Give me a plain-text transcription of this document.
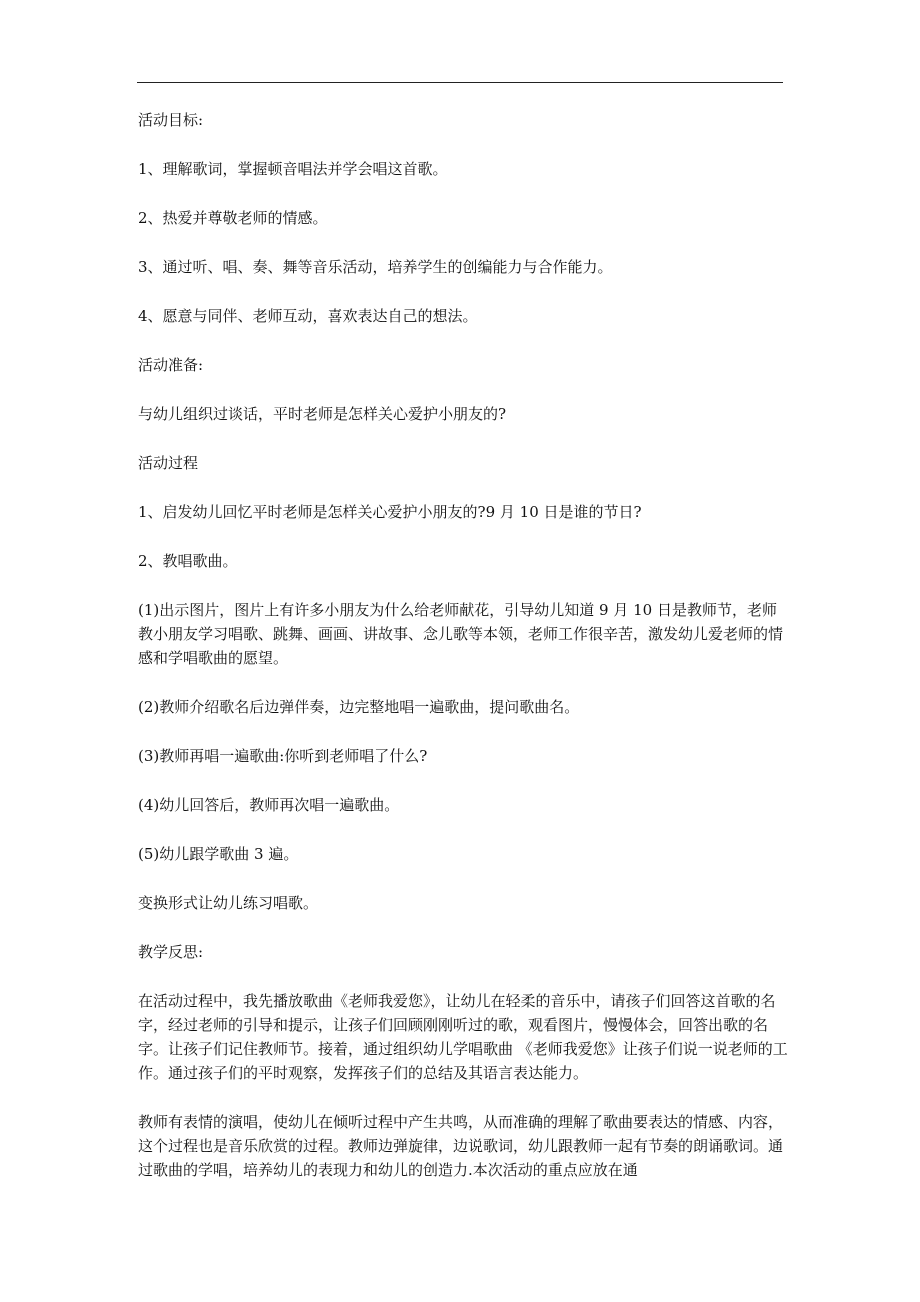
活动目标:

1、理解歌词，掌握顿音唱法并学会唱这首歌。

2、热爱并尊敬老师的情感。

3、通过听、唱、奏、舞等音乐活动，培养学生的创编能力与合作能力。

4、愿意与同伴、老师互动，喜欢表达自己的想法。

活动准备:

与幼儿组织过谈话，平时老师是怎样关心爱护小朋友的?

活动过程

1、启发幼儿回忆平时老师是怎样关心爱护小朋友的?9 月 10 日是谁的节日?

2、教唱歌曲。

(1)出示图片，图片上有许多小朋友为什么给老师献花，引导幼儿知道 9 月 10 日是教师节，老师教小朋友学习唱歌、跳舞、画画、讲故事、念儿歌等本领，老师工作很辛苦，激发幼儿爱老师的情感和学唱歌曲的愿望。

(2)教师介绍歌名后边弹伴奏，边完整地唱一遍歌曲，提问歌曲名。

(3)教师再唱一遍歌曲:你听到老师唱了什么?

(4)幼儿回答后，教师再次唱一遍歌曲。

(5)幼儿跟学歌曲 3 遍。

变换形式让幼儿练习唱歌。

教学反思:

在活动过程中，我先播放歌曲《老师我爱您》，让幼儿在轻柔的音乐中，请孩子们回答这首歌的名字，经过老师的引导和提示，让孩子们回顾刚刚听过的歌，观看图片，慢慢体会，回答出歌的名字。让孩子们记住教师节。接着，通过组织幼儿学唱歌曲 《老师我爱您》让孩子们说一说老师的工作。通过孩子们的平时观察，发挥孩子们的总结及其语言表达能力。

教师有表情的演唱，使幼儿在倾听过程中产生共鸣，从而准确的理解了歌曲要表达的情感、内容，这个过程也是音乐欣赏的过程。教师边弹旋律，边说歌词，幼儿跟教师一起有节奏的朗诵歌词。通过歌曲的学唱，培养幼儿的表现力和幼儿的创造力.本次活动的重点应放在通
